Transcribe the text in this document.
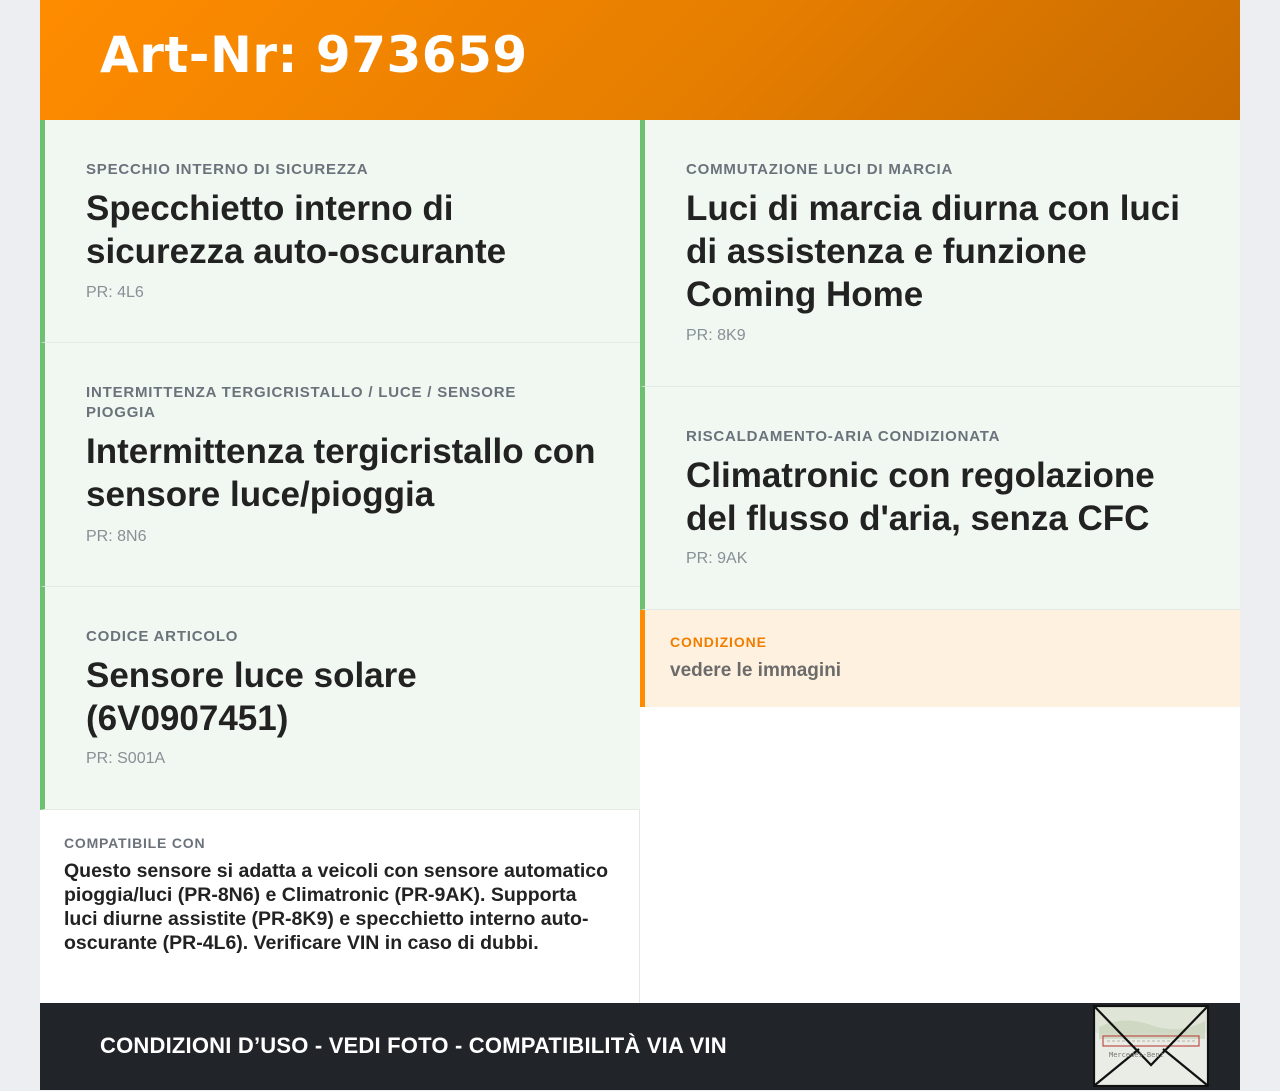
Art-Nr: 973659
SPECCHIO INTERNO DI SICUREZZA
Specchietto interno di sicurezza auto-oscurante
PR: 4L6
INTERMITTENZA TERGICRISTALLO / LUCE / SENSORE PIOGGIA
Intermittenza tergicristallo con sensore luce/pioggia
PR: 8N6
CODICE ARTICOLO
Sensore luce solare (6V0907451)
PR: S001A
COMMUTAZIONE LUCI DI MARCIA
Luci di marcia diurna con luci di assistenza e funzione Coming Home
PR: 8K9
RISCALDAMENTO-ARIA CONDIZIONATA
Climatronic con regolazione del flusso d'aria, senza CFC
PR: 9AK
CONDIZIONE
vedere le immagini
COMPATIBILE CON
Questo sensore si adatta a veicoli con sensore automatico pioggia/luci (PR-8N6) e Climatronic (PR-9AK). Supporta luci diurne assistite (PR-8K9) e specchietto interno auto-oscurante (PR-4L6). Verificare VIN in caso di dubbi.
CONDIZIONI D’USO - VEDI FOTO - COMPATIBILITÀ VIA VIN	Mercedes-Benz
